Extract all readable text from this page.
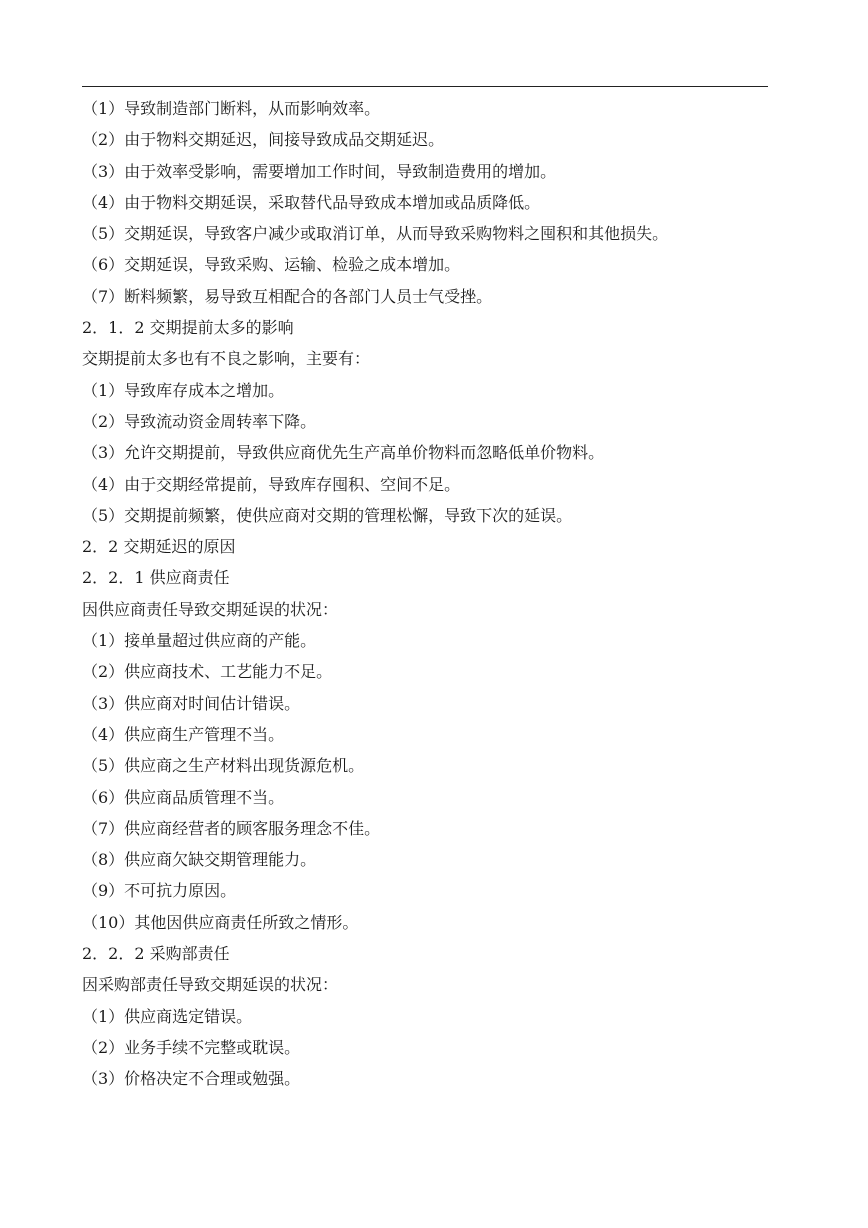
（1）导致制造部门断料，从而影响效率。
（2）由于物料交期延迟，间接导致成品交期延迟。
（3）由于效率受影响，需要增加工作时间，导致制造费用的增加。
（4）由于物料交期延误，采取替代品导致成本增加或品质降低。
（5）交期延误，导致客户减少或取消订单，从而导致采购物料之囤积和其他损失。
（6）交期延误，导致采购、运输、检验之成本增加。
（7）断料频繁，易导致互相配合的各部门人员士气受挫。
2．1．2 交期提前太多的影响
交期提前太多也有不良之影响，主要有：
（1）导致库存成本之增加。
（2）导致流动资金周转率下降。
（3）允许交期提前，导致供应商优先生产高单价物料而忽略低单价物料。
（4）由于交期经常提前，导致库存囤积、空间不足。
（5）交期提前频繁，使供应商对交期的管理松懈，导致下次的延误。
2．2 交期延迟的原因
2．2．1 供应商责任
因供应商责任导致交期延误的状况：
（1）接单量超过供应商的产能。
（2）供应商技术、工艺能力不足。
（3）供应商对时间估计错误。
（4）供应商生产管理不当。
（5）供应商之生产材料出现货源危机。
（6）供应商品质管理不当。
（7）供应商经营者的顾客服务理念不佳。
（8）供应商欠缺交期管理能力。
（9）不可抗力原因。
（10）其他因供应商责任所致之情形。
2．2．2 采购部责任
因采购部责任导致交期延误的状况：
（1）供应商选定错误。
（2）业务手续不完整或耽误。
（3）价格决定不合理或勉强。
